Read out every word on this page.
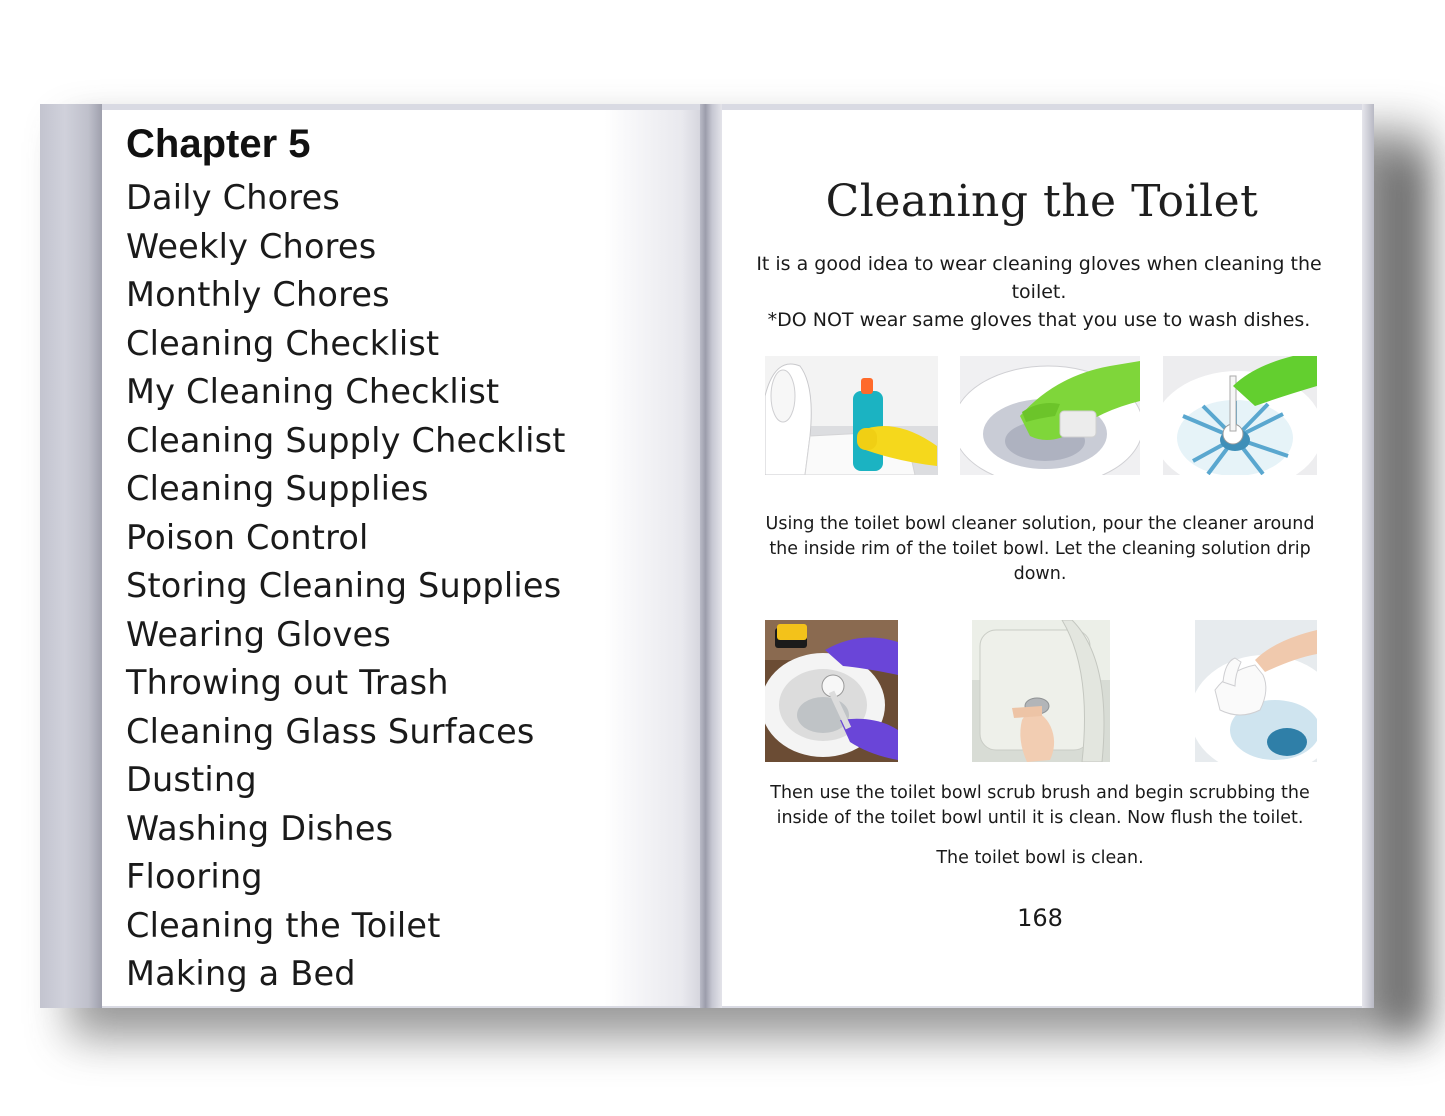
Chapter 5
Daily Chores
Weekly Chores
Monthly Chores
Cleaning Checklist
My Cleaning Checklist
Cleaning Supply Checklist
Cleaning Supplies
Poison Control
Storing Cleaning Supplies
Wearing Gloves
Throwing out Trash
Cleaning Glass Surfaces
Dusting
Washing Dishes
Flooring
Cleaning the Toilet
Making a Bed
Cleaning the Toilet

It is a good idea to wear cleaning gloves when cleaning the toilet.

*DO NOT wear same gloves that you use to wash dishes.

Using the toilet bowl cleaner solution, pour the cleaner around the inside rim of the toilet bowl. Let the cleaning solution drip down.

Then use the toilet bowl scrub brush and begin scrubbing the inside of the toilet bowl until it is clean. Now flush the toilet.

The toilet bowl is clean.

168
